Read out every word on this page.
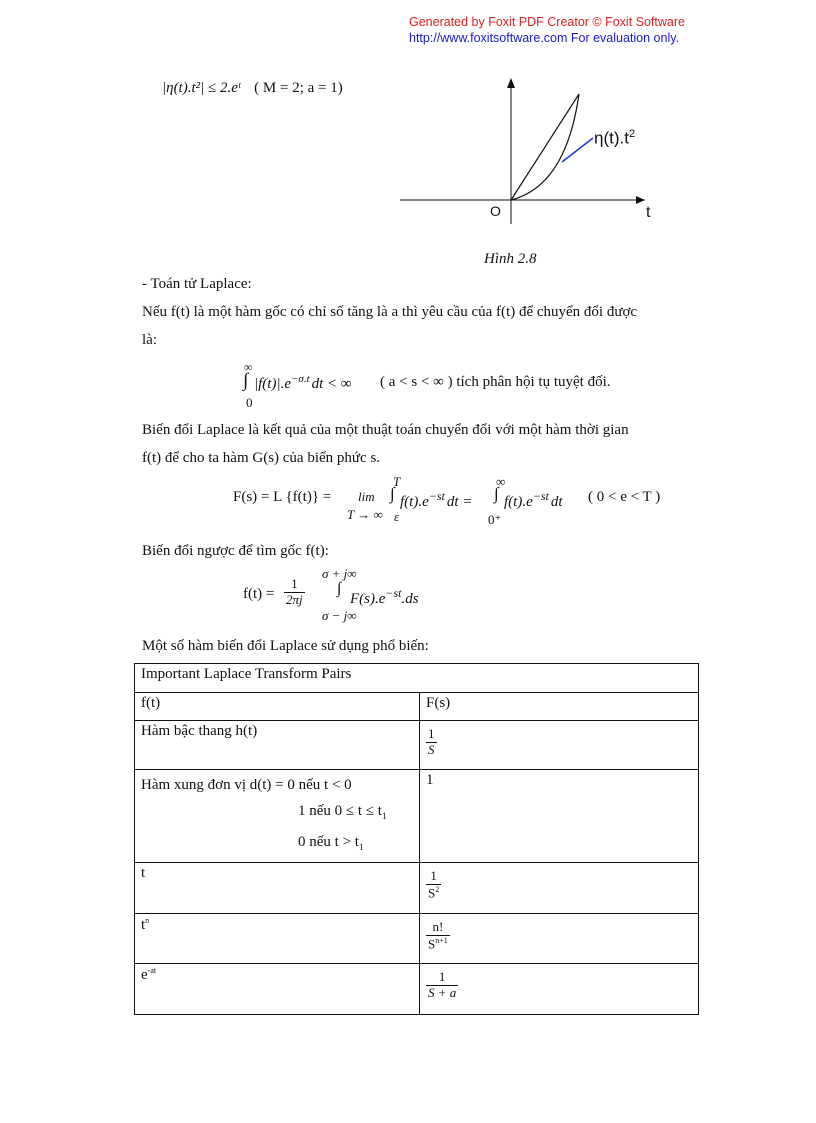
Generated by Foxit PDF Creator © Foxit Software
http://www.foxitsoftware.com For evaluation only.
|η(t).t²| ≤ 2.eᵗ ( M = 2; a = 1)
$\eta(t).t^2$
O	t
Hình 2.8
- Toán tử Laplace:
Nếu f(t) là một hàm gốc có chỉ số tăng là a thì yêu cầu của f(t) để chuyển đổi được
là:
∞
∫ $|f(t)|.e^{-\sigma.t}$ dt < ∞
0
( a < s < ∞ ) tích phân hội tụ tuyệt đối.
Biến đổi Laplace là kết quả của một thuật toán chuyển đổi với một hàm thời gian
f(t) để cho ta hàm G(s) của biến phức s.
F(s) = L {f(t)} = lim
T → ∞
T
ε
∫ $f(t).e^{-st}$ dt =
∞
∫
0⁺
$f(t).e^{-st}$ dt ( 0 < e < T )
Biến đổi ngược để tìm gốc f(t):
$f(t) = \frac{1}{2\pi j}$
σ + j∞
∫
σ − j∞
$F(s).e^{-st}.ds$
Một số hàm biến đổi Laplace sử dụng phổ biến:
Important Laplace Transform Pairs	
f(t)	F(s)
Hàm bậc thang h(t)	$\frac{1}{S}$

Hàm xung đơn vị d(t) = 0 nếu t < 0
1 nếu $0 \le t \le t_1$
0 nếu $t > t_1$	1
t	$\frac{1}{S^2}$

$t^n$	$\frac{n!}{S^{n+1}}$

$e^{-at}$	$\frac{1}{S + a}$
